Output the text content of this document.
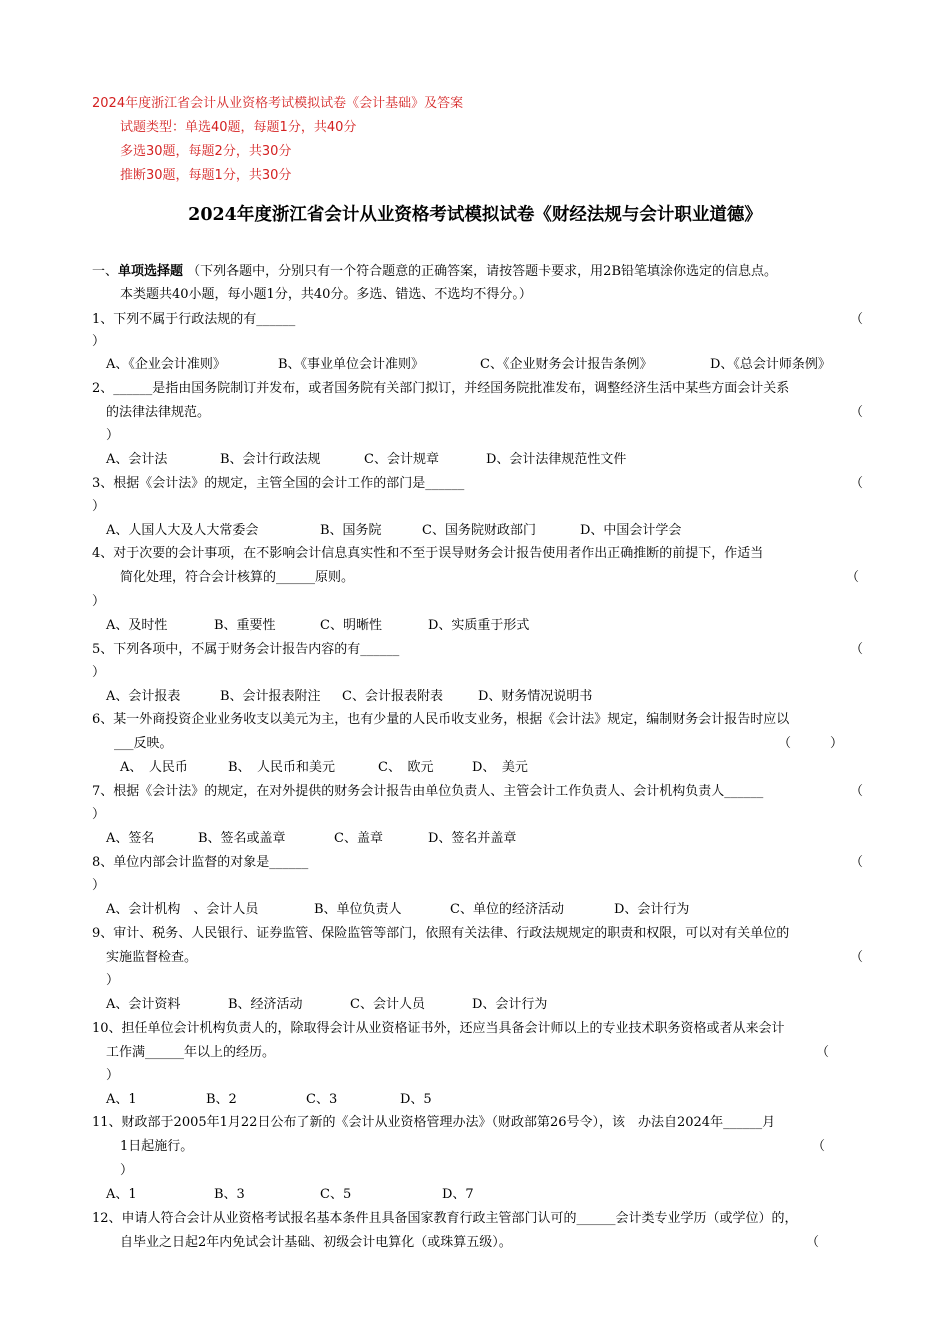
2024年度浙江省会计从业资格考试模拟试卷《会计基础》及答案
试题类型：单选40题，每题1分，共40分
多选30题，每题2分，共30分
推断30题，每题1分，共30分
2024年度浙江省会计从业资格考试模拟试卷《财经法规与会计职业道德》
一、单项选择题 （下列各题中，分别只有一个符合题意的正确答案，请按答题卡要求，用2B铅笔填涂你选定的信息点。
本类题共40小题，每小题1分，共40分。多选、错选、不选均不得分。）
1、下列不属于行政法规的有______	（
）
A、《企业会计准则》	B、《事业单位会计准则》	C、《企业财务会计报告条例》	D、《总会计师条例》
2、______是指由国务院制订并发布，或者国务院有关部门拟订，并经国务院批准发布，调整经济生活中某些方面会计关系
的法律法律规范。	（
）
A、会计法	B、会计行政法规	C、会计规章	D、会计法律规范性文件
3、根据《会计法》的规定，主管全国的会计工作的部门是______	（
）
A、人国人大及人大常委会	B、国务院	C、国务院财政部门	D、中国会计学会
4、对于次要的会计事项，在不影响会计信息真实性和不至于误导财务会计报告使用者作出正确推断的前提下，作适当
简化处理，符合会计核算的______原则。	（
）
A、及时性	B、重要性	C、明晰性	D、实质重于形式
5、下列各项中，不属于财务会计报告内容的有______	（
）
A、会计报表	B、会计报表附注 C、会计报表附表	D、财务情况说明书
6、某一外商投资企业业务收支以美元为主，也有少量的人民币收支业务，根据《会计法》规定，编制财务会计报告时应以
___反映。	（　　　）
A、　人民币	B、　人民币和美元	C、　欧元	D、　美元
7、根据《会计法》的规定，在对外提供的财务会计报告由单位负责人、主管会计工作负责人、会计机构负责人______	（
）
A、签名	B、签名或盖章	C、盖章	D、签名并盖章
8、单位内部会计监督的对象是______	（
）
A、会计机构　、会计人员	B、单位负责人	C、单位的经济活动	D、会计行为
9、审计、税务、人民银行、证券监管、保险监管等部门，依照有关法律、行政法规规定的职责和权限，可以对有关单位的
实施监督检查。	（
）
A、会计资料	B、经济活动	C、会计人员	D、会计行为
10、担任单位会计机构负责人的，除取得会计从业资格证书外，还应当具备会计师以上的专业技术职务资格或者从来会计
工作满______年以上的经历。	（
）
A、1	B、2	C、3	D、5
11、财政部于2005年1月22日公布了新的《会计从业资格管理办法》（财政部第26号令），该　办法自2024年______月
1日起施行。	（
）
A、1	B、3	C、5	D、7
12、申请人符合会计从业资格考试报名基本条件且具备国家教育行政主管部门认可的______会计类专业学历（或学位）的，
自毕业之日起2年内免试会计基础、初级会计电算化（或珠算五级）。	（
